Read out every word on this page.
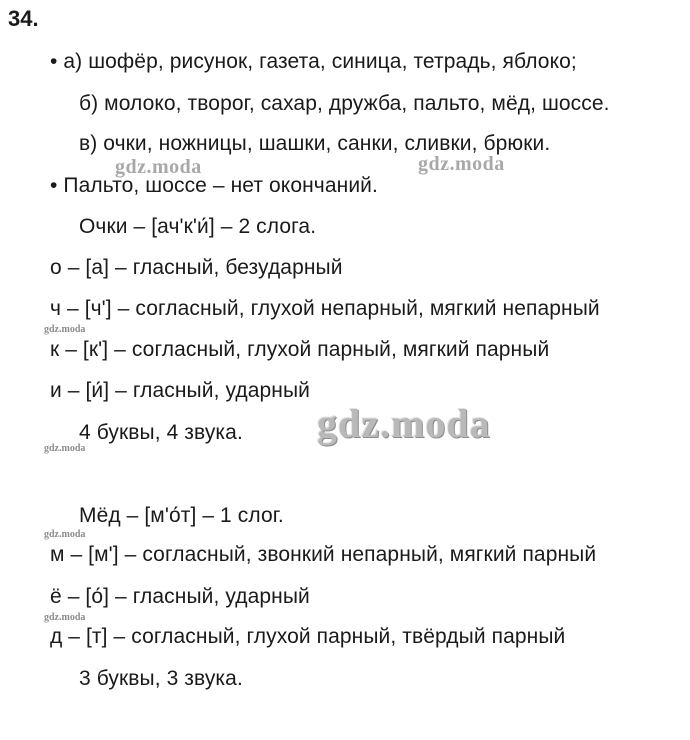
34.
• а) шофёр, рисунок, газета, синица, тетрадь, яблоко;
б) молоко, творог, сахар, дружба, пальто, мёд, шоссе.
в) очки, ножницы, шашки, санки, сливки, брюки.
• Пальто, шоссе – нет окончаний.
Очки – [ач'к'и́] – 2 слога.
о – [а] – гласный, безударный
ч – [ч'] – согласный, глухой непарный, мягкий непарный
к – [к'] – согласный, глухой парный, мягкий парный
и – [и́] – гласный, ударный
4 буквы, 4 звука.
Мёд – [м'о́т] – 1 слог.
м – [м'] – согласный, звонкий непарный, мягкий парный
ё – [о́] – гласный, ударный
д – [т] – согласный, глухой парный, твёрдый парный
3 буквы, 3 звука.
gdz.moda	gdz.moda
gdz.moda
gdz.moda
gdz.moda
gdz.moda
gdz.moda
